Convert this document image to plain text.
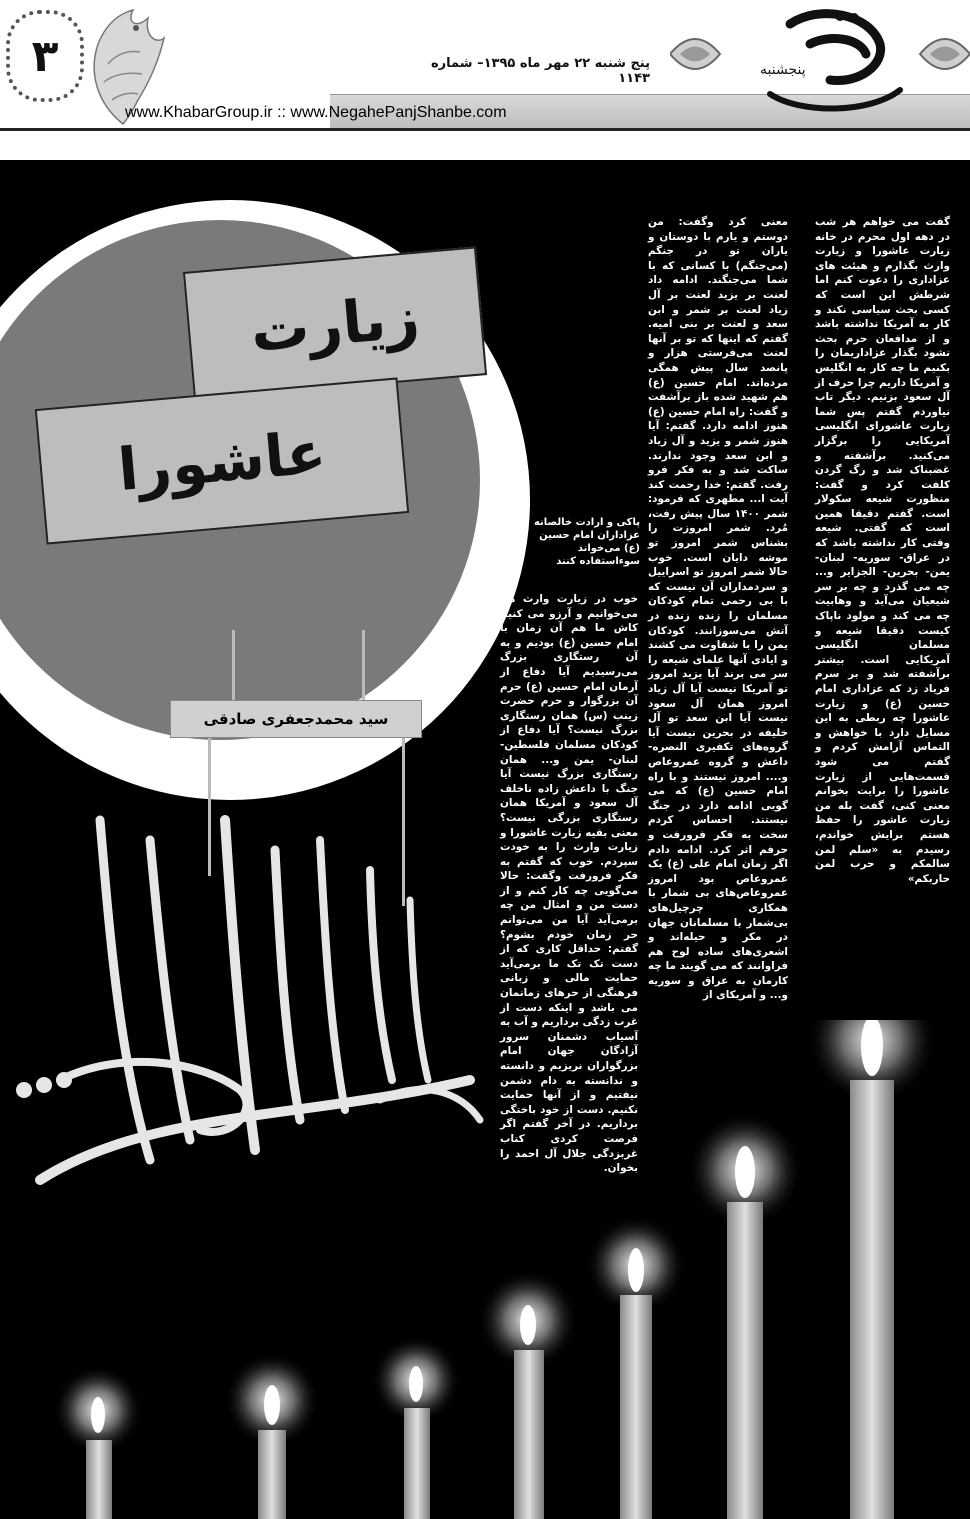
۳	پنج شنبه ۲۲ مهر ماه ۱۳۹۵– شماره ۱۱۴۳
www.KhabarGroup.ir :: www.NegahePanjShanbe.com
پنجشنبه
زیارت
عاشورا
پاکی و ارادت خالصانه عزاداران امام حسین (ع) می‌خواند سوءاستفاده کنند
سید محمدجعفری صادقی
گفت می خواهم هر شب در دهه اول محرم در خانه زیارت عاشورا و زیارت وارث بگذارم و هیئت های عزاداری را دعوت کنم اما شرطش این است که کسی بحث سیاسی نکند و کار به آمریکا نداشته باشد و از مدافعان حرم بحث نشود بگذار عزاداریمان را بکنیم ما چه کار به انگلیس و آمریکا داریم چرا حرف از آل سعود بزنیم. دیگر تاب نیاوردم گفتم پس شما زیارت عاشورای انگلیسی آمریکایی را برگزار می‌کنید. برآشفته و غضبناک شد و رگ گردن کلفت کرد و گفت: منظورت شیعه سکولار است. گفتم دقیقا همین است که گفتی. شیعه وقتی کار نداشته باشد که در عراق- سوریه- لبنان- یمن- بحرین- الجزایر و... چه می گذرد و چه بر سر شیعیان می‌آید و وهابیت چه می کند و مولود ناپاک کیست دقیقا شیعه و مسلمان انگلیسی آمریکایی است. بیشتر برآشفته شد و بر سرم فریاد زد که عزاداری امام حسین (ع) و زیارت عاشورا چه ربطی به این مسایل دارد با خواهش و التماس آرامش کردم و گفتم می شود قسمت‌هایی از زیارت عاشورا را برایت بخوانم معنی کنی، گفت بله من زیارت عاشور را حفظ هستم برایش خواندم، رسیدم به «سلم لمن سالمکم و حرب لمن حاربکم»
معنی کرد وگفت: من دوستم و یارم با دوستان و یاران تو در جنگم (می‌جنگم) با کسانی که با شما می‌جنگند. ادامه داد لعنت بر یزید لعنت بر آل زیاد لعنت بر شمر و ابن سعد و لعنت بر بنی امیه. گفتم که اینها که تو بر آنها لعنت می‌فرستی هزار و پانصد سال پیش همگی مرده‌اند. امام حسین (ع) هم شهید شده باز برآشفت و گفت: راه امام حسین (ع) هنوز ادامه دارد. گفتم: آیا هنوز شمر و یزید و آل زیاد و ابن سعد وجود ندارند. ساکت شد و به فکر فرو رفت. گفتم: خدا رحمت کند آیت ا... مطهری که فرمود: شمر ۱۴۰۰ سال پیش رفت، مُرد. شمر امروزت را بشناس شمر امروز تو موشه دایان است. خوب حالا شمر امروز تو اسراییل و سردمداران آن نیست که با بی رحمی تمام کودکان مسلمان را زنده زنده در آتش می‌سوزانند. کودکان یمن را با شقاوت می کشند و ایادی آنها علمای شیعه را سر می برند آیا یزید امروز تو آمریکا نیست آیا آل زیاد امروز همان آل سعود نیست آیا ابن سعد تو آل خلیفه در بحرین نیست آیا گروه‌های تکفیری النصره- داعش و گروه عمروعاص و.... امروز نیستند و با راه امام حسین (ع) که می گویی ادامه دارد در جنگ نیستند. احساس کردم سخت به فکر فرورفت و حرفم اثر کرد. ادامه دادم اگر زمان امام علی (ع) یک عمروعاص بود امروز عمروعاص‌های بی شمار با همکاری چرچیل‌های بی‌شمار با مسلمانان جهان در مکر و حیله‌اند و اشعری‌های ساده لوح هم فراوانند که می گویند ما چه کارمان به عراق و سوریه و... و آمریکای از
خوب در زیارت وارث هم می‌خوانیم و آرزو می کنیم کاش ما هم آن زمان با امام حسین (ع) بودیم و به آن رستگاری بزرگ می‌رسیدیم آیا دفاع از آرمان امام حسین (ع) حرم آن بزرگوار و حرم حضرت زینب (س) همان رستگاری بزرگ نیست؟ آیا دفاع از کودکان مسلمان فلسطین- لبنان- یمن و... همان رستگاری بزرگ نیست آیا جنگ با داعش زاده ناخلف آل سعود و آمریکا همان رستگاری بزرگی نیست؟ معنی بقیه زیارت عاشورا و زیارت وارث را به خودت سپردم. خوب که گفتم به فکر فرورفت وگفت: حالا می‌گویی چه کار کنم و از دست من و امثال من چه برمی‌آید آیا من می‌توانم حر زمان خودم بشوم؟ گفتم: حداقل کاری که از دست تک تک ما برمی‌آید حمایت مالی و زبانی فرهنگی از حرهای زمانمان می باشد و اینکه دست از غرب زدگی برداریم و آب به آسیاب دشمنان سرور آزادگان جهان امام بزرگواران نریزیم و دانسته و ندانسته به دام دشمن نیفتیم و از آنها حمایت نکنیم. دست از خود باختگی برداریم. در آخر گفتم اگر فرصت کردی کتاب غربزدگی جلال آل احمد را بخوان.
